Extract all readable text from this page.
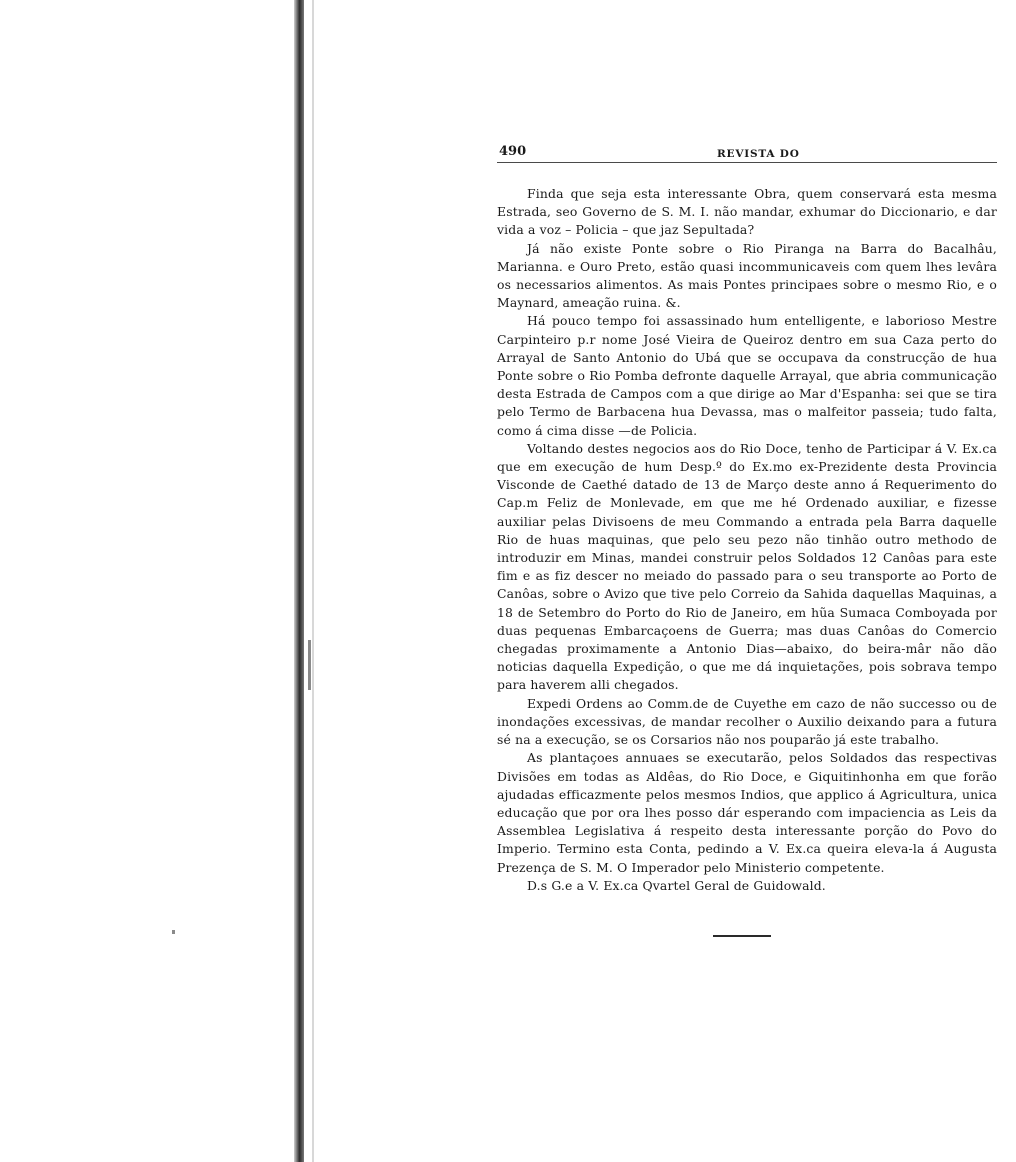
490	REVISTA DO

Finda que seja esta interessante Obra, quem conservará esta mesma Estrada, seo Governo de S. M. I. não mandar, exhumar do Diccionario, e dar vida a voz – Policia – que jaz Sepultada?

Já não existe Ponte sobre o Rio Piranga na Barra do Bacalhâu, Marianna. e Ouro Preto, estão quasi incommunicaveis com quem lhes levâra os necessarios alimentos. As mais Pontes principaes sobre o mesmo Rio, e o Maynard, ameação ruina. &.

Há pouco tempo foi assassinado hum entelligente, e laborioso Mestre Carpinteiro p.r nome José Vieira de Queiroz dentro em sua Caza perto do Arrayal de Santo Antonio do Ubá que se occupava da construcção de hua Ponte sobre o Rio Pomba defronte daquelle Arrayal, que abria communicação desta Estrada de Campos com a que dirige ao Mar d'Espanha: sei que se tira pelo Termo de Barbacena hua Devassa, mas o malfeitor passeia; tudo falta, como á cima disse —de Policia.

Voltando destes negocios aos do Rio Doce, tenho de Participar á V. Ex.ca que em execução de hum Desp.º do Ex.mo ex-Prezidente desta Provincia Visconde de Caethé datado de 13 de Março deste anno á Requerimento do Cap.m Feliz de Monlevade, em que me hé Ordenado auxiliar, e fizesse auxiliar pelas Divisoens de meu Commando a entrada pela Barra daquelle Rio de huas maquinas, que pelo seu pezo não tinhão outro methodo de introduzir em Minas, mandei construir pelos Soldados 12 Canôas para este fim e as fiz descer no meiado do passado para o seu transporte ao Porto de Canôas, sobre o Avizo que tive pelo Correio da Sahida daquellas Maquinas, a 18 de Setembro do Porto do Rio de Janeiro, em hũa Sumaca Comboyada por duas pequenas Embarcaçoens de Guerra; mas duas Canôas do Comercio chegadas proximamente a Antonio Dias—abaixo, do beira-mâr não dão noticias daquella Expedição, o que me dá inquietações, pois sobrava tempo para haverem alli chegados.

Expedi Ordens ao Comm.de de Cuyethe em cazo de não successo ou de inondações excessivas, de mandar recolher o Auxilio deixando para a futura sé na a execução, se os Corsarios não nos pouparão já este trabalho.

As plantaçoes annuaes se executarão, pelos Soldados das respectivas Divisões em todas as Aldêas, do Rio Doce, e Giquitinhonha em que forão ajudadas efficazmente pelos mesmos Indios, que applico á Agricultura, unica educação que por ora lhes posso dár esperando com impaciencia as Leis da Assemblea Legislativa á respeito desta interessante porção do Povo do Imperio. Termino esta Conta, pedindo a V. Ex.ca queira eleva-la á Augusta Prezença de S. M. O Imperador pelo Ministerio competente.

D.s G.e a V. Ex.ca Qvartel Geral de Guidowald.
